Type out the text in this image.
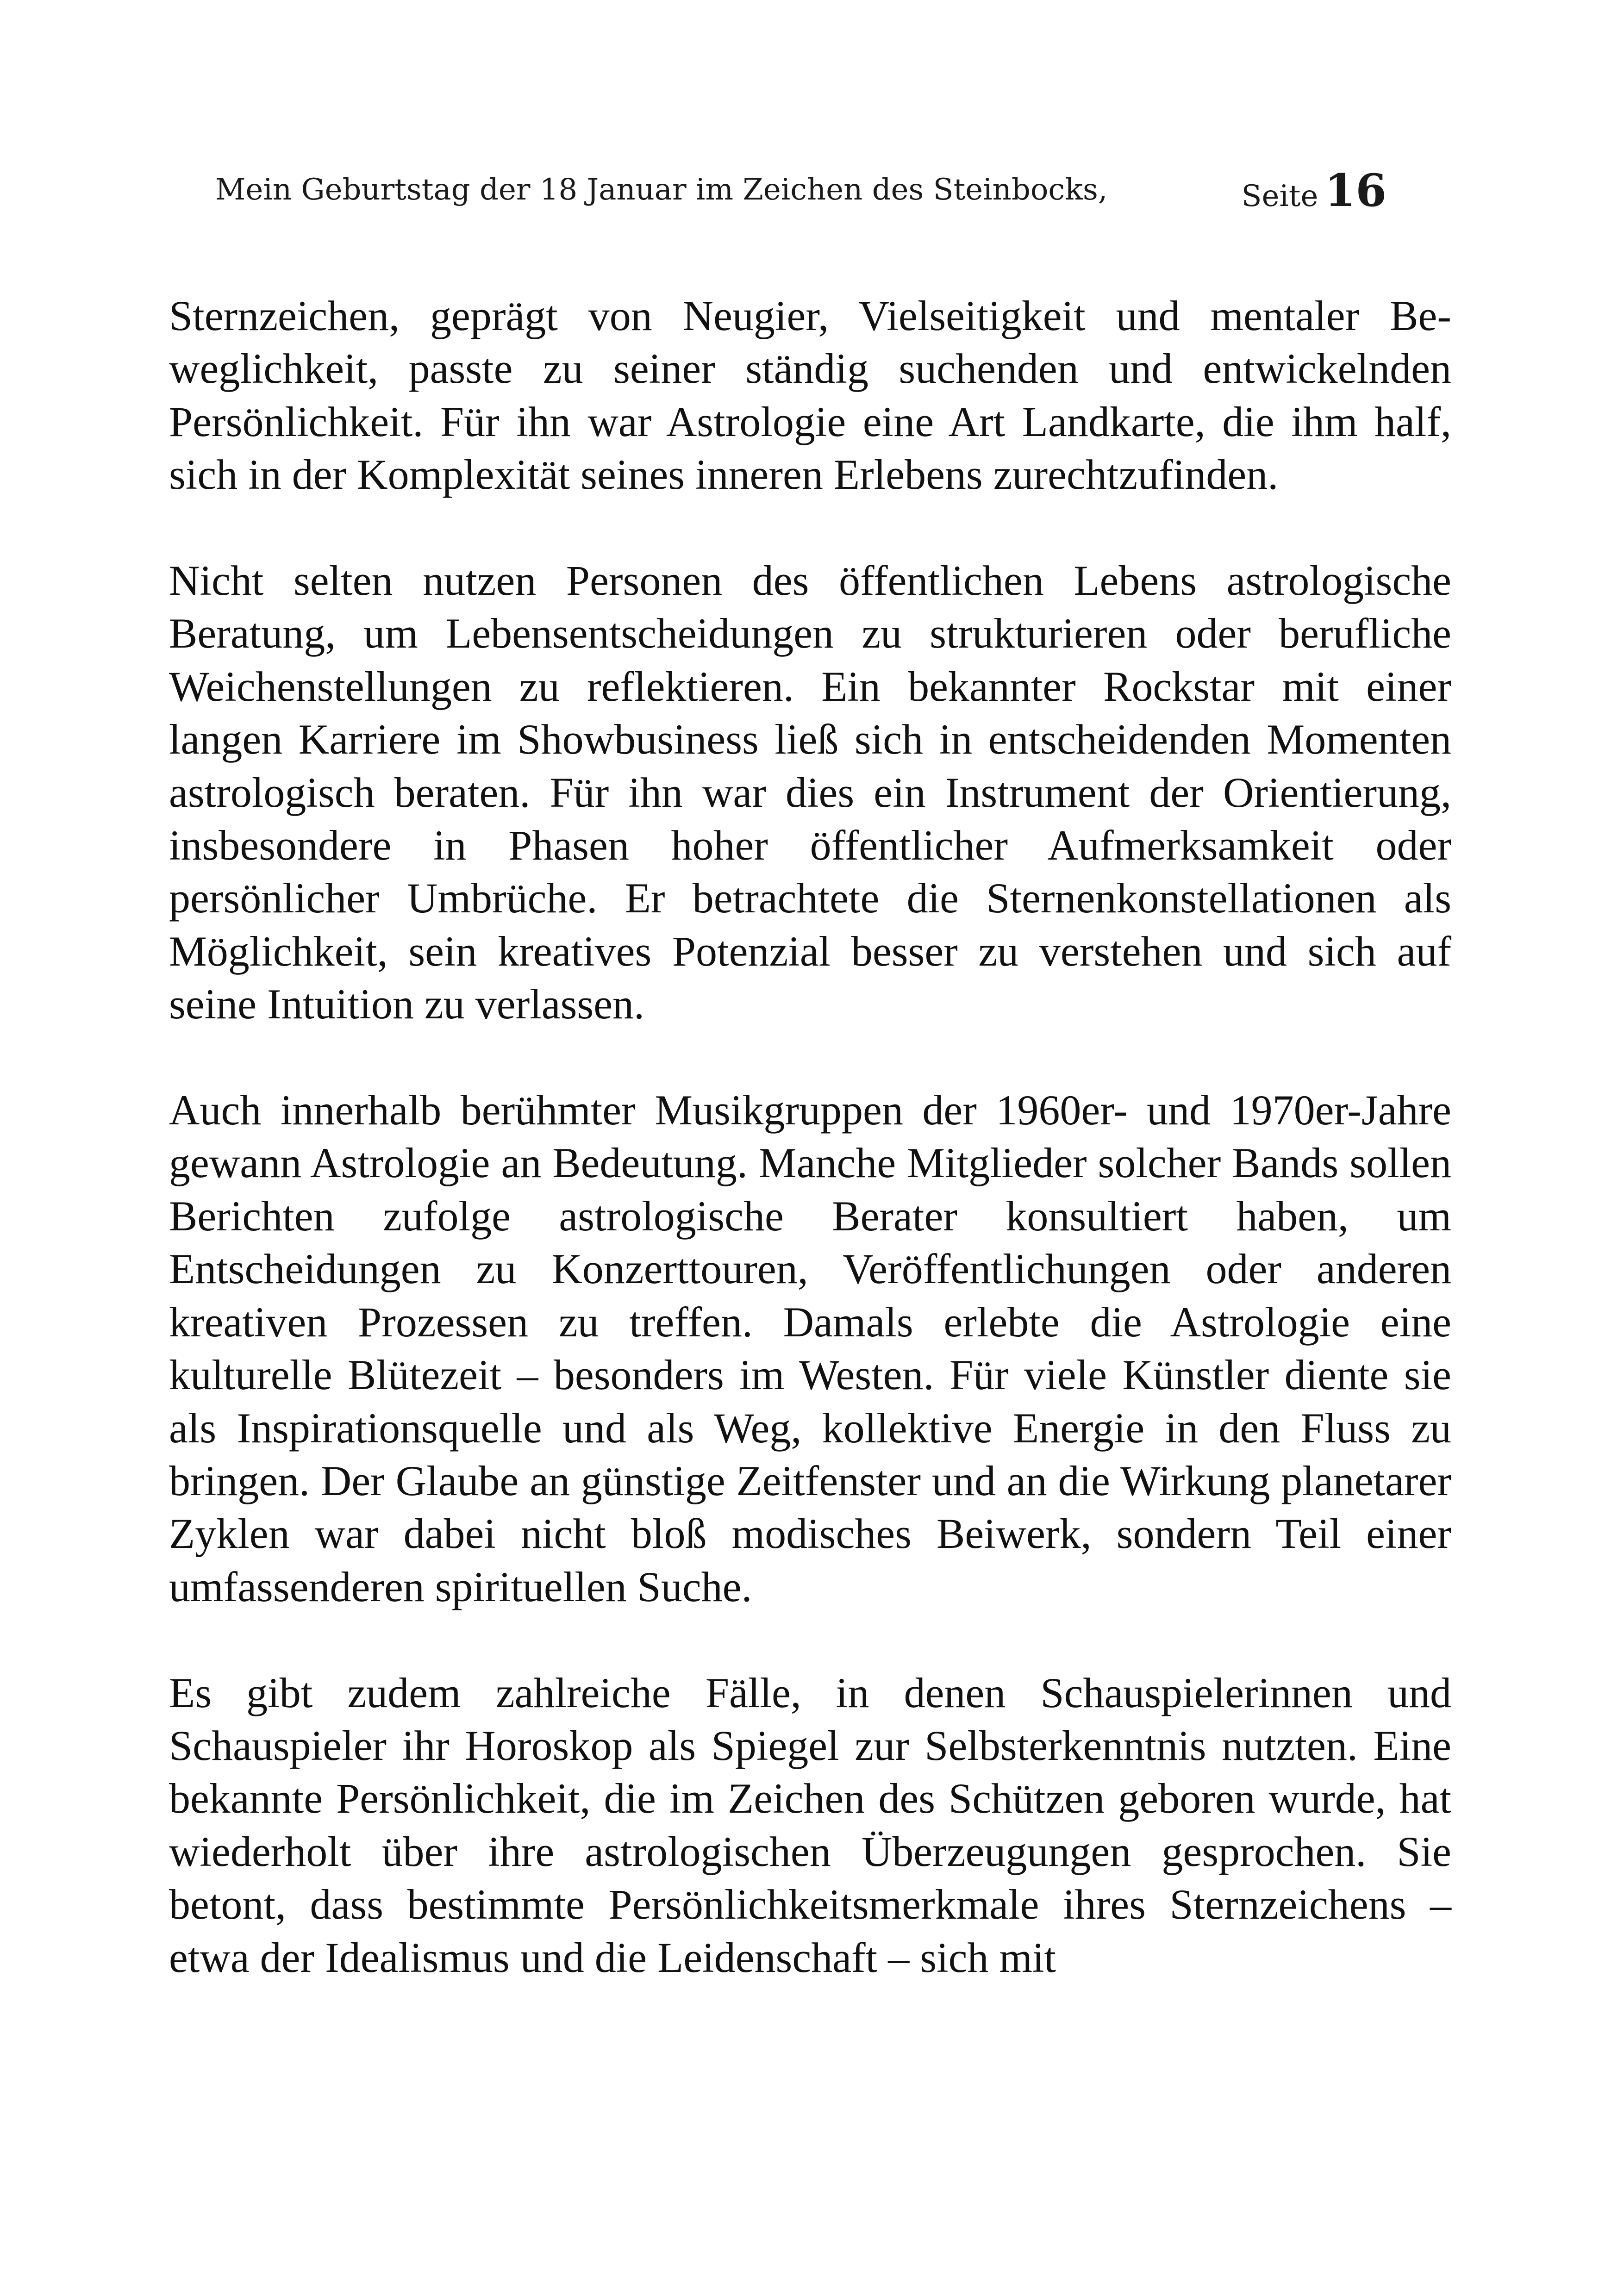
Mein Geburtstag der 18 Januar im Zeichen des Steinbocks,	Seite 16

Sternzeichen, geprägt von Neugier, Vielseitigkeit und mentaler Beweglichkeit, passte zu seiner ständig suchenden und entwickelnden Persönlichkeit. Für ihn war Astrologie eine Art Landkarte, die ihm half, sich in der Komplexität seines inneren Erlebens zurechtzufinden.

Nicht selten nutzen Personen des öffentlichen Lebens astrologische Beratung, um Lebensentscheidungen zu strukturieren oder berufliche Weichenstellungen zu reflektieren. Ein bekannter Rockstar mit einer langen Karriere im Showbusiness ließ sich in entscheidenden Momenten astrologisch beraten. Für ihn war dies ein Instrument der Orientierung, insbesondere in Phasen hoher öffentlicher Aufmerksamkeit oder persönlicher Umbrüche. Er betrachtete die Sternenkonstellationen als Möglichkeit, sein kreatives Potenzial besser zu verstehen und sich auf seine Intuition zu verlassen.

Auch innerhalb berühmter Musikgruppen der 1960er- und 1970er-Jahre gewann Astrologie an Bedeutung. Manche Mitglieder solcher Bands sollen Berichten zufolge astrologische Berater konsultiert haben, um Entscheidungen zu Konzerttouren, Veröffentlichungen oder anderen kreativen Prozessen zu treffen. Damals erlebte die Astrologie eine kulturelle Blütezeit – besonders im Westen. Für viele Künstler diente sie als Inspirationsquelle und als Weg, kollektive Energie in den Fluss zu bringen. Der Glaube an günstige Zeitfenster und an die Wirkung planetarer Zyklen war dabei nicht bloß modisches Beiwerk, sondern Teil einer umfassenderen spirituellen Suche.

Es gibt zudem zahlreiche Fälle, in denen Schauspielerinnen und Schauspieler ihr Horoskop als Spiegel zur Selbsterkenntnis nutzten. Eine bekannte Persönlichkeit, die im Zeichen des Schützen geboren wurde, hat wiederholt über ihre astrologischen Überzeugungen gesprochen. Sie betont, dass bestimmte Persönlichkeitsmerkmale ihres Sternzeichens – etwa der Idealismus und die Leidenschaft – sich mit
